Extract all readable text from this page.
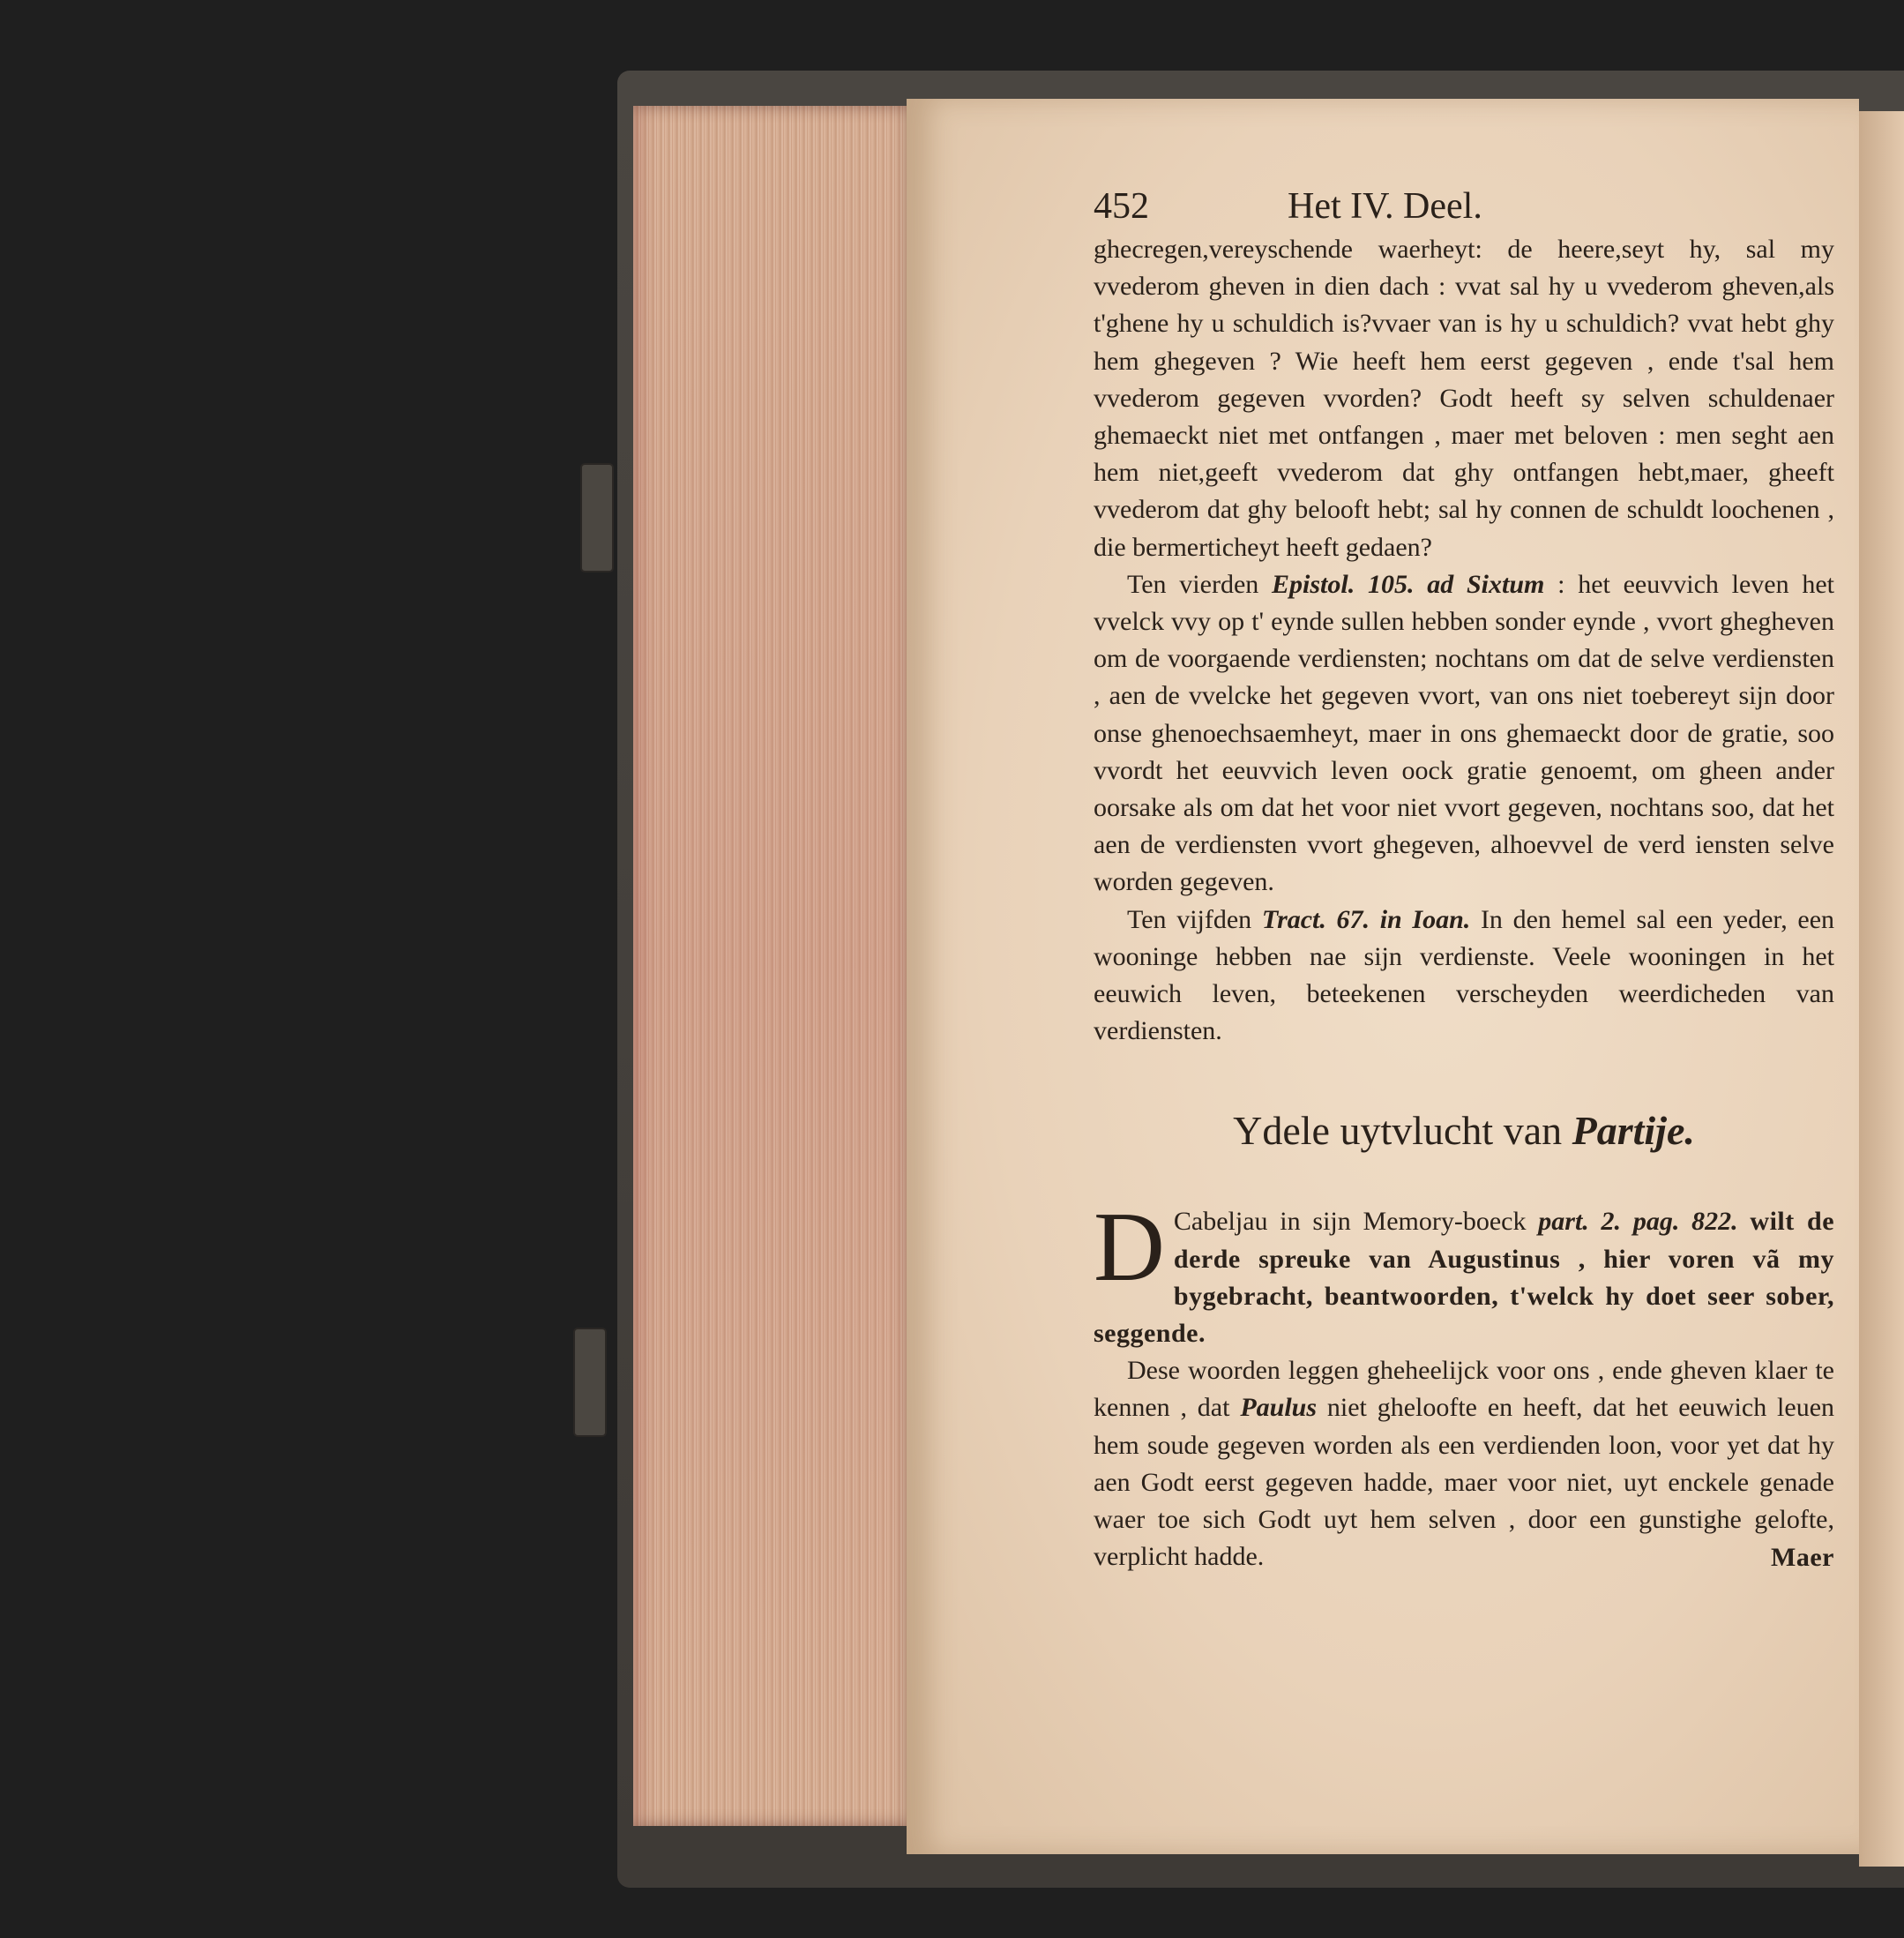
452	Het IV. Deel.

ghecregen,vereyschende waerheyt: de heere,seyt hy, sal my vvederom gheven in dien dach : vvat sal hy u vvederom gheven,als t'ghene hy u schuldich is?vvaer van is hy u schuldich? vvat hebt ghy hem ghegeven ? Wie heeft hem eerst gegeven , ende t'sal hem vvederom gegeven vvorden? Godt heeft sy selven schuldenaer ghemaeckt niet met ontfangen , maer met beloven : men seght aen hem niet,geeft vvederom dat ghy ontfangen hebt,maer, gheeft vvederom dat ghy belooft hebt; sal hy connen de schuldt loochenen , die bermerticheyt heeft gedaen?

Ten vierden Epistol. 105. ad Sixtum : het eeuvvich leven het vvelck vvy op t' eynde sullen hebben sonder eynde , vvort ghegheven om de voorgaende verdiensten; nochtans om dat de selve verdiensten , aen de vvelcke het gegeven vvort, van ons niet toebereyt sijn door onse ghenoechsaemheyt, maer in ons ghemaeckt door de gratie, soo vvordt het eeuvvich leven oock gratie genoemt, om gheen ander oorsake als om dat het voor niet vvort gegeven, nochtans soo, dat het aen de verdiensten vvort ghegeven, alhoevvel de verd iensten selve worden gegeven.

Ten vijfden Tract. 67. in Ioan. In den hemel sal een yeder, een wooninge hebben nae sijn verdienste. Veele wooningen in het eeuwich leven, beteekenen verscheyden weerdicheden van verdiensten.

Ydele uytvlucht van Partije.

D Cabeljau in sijn Memory-boeck part. 2. pag. 822. wilt de derde spreuke van Augustinus , hier voren vã my bygebracht, beantwoorden, t'welck hy doet seer sober, seggende.

Dese woorden leggen gheheelijck voor ons , ende gheven klaer te kennen , dat Paulus niet gheloofte en heeft, dat het eeuwich leuen hem soude gegeven worden als een verdienden loon, voor yet dat hy aen Godt eerst gegeven hadde, maer voor niet, uyt enckele genade waer toe sich Godt uyt hem selven , door een gunstighe gelofte, verplicht hadde.	Maer
